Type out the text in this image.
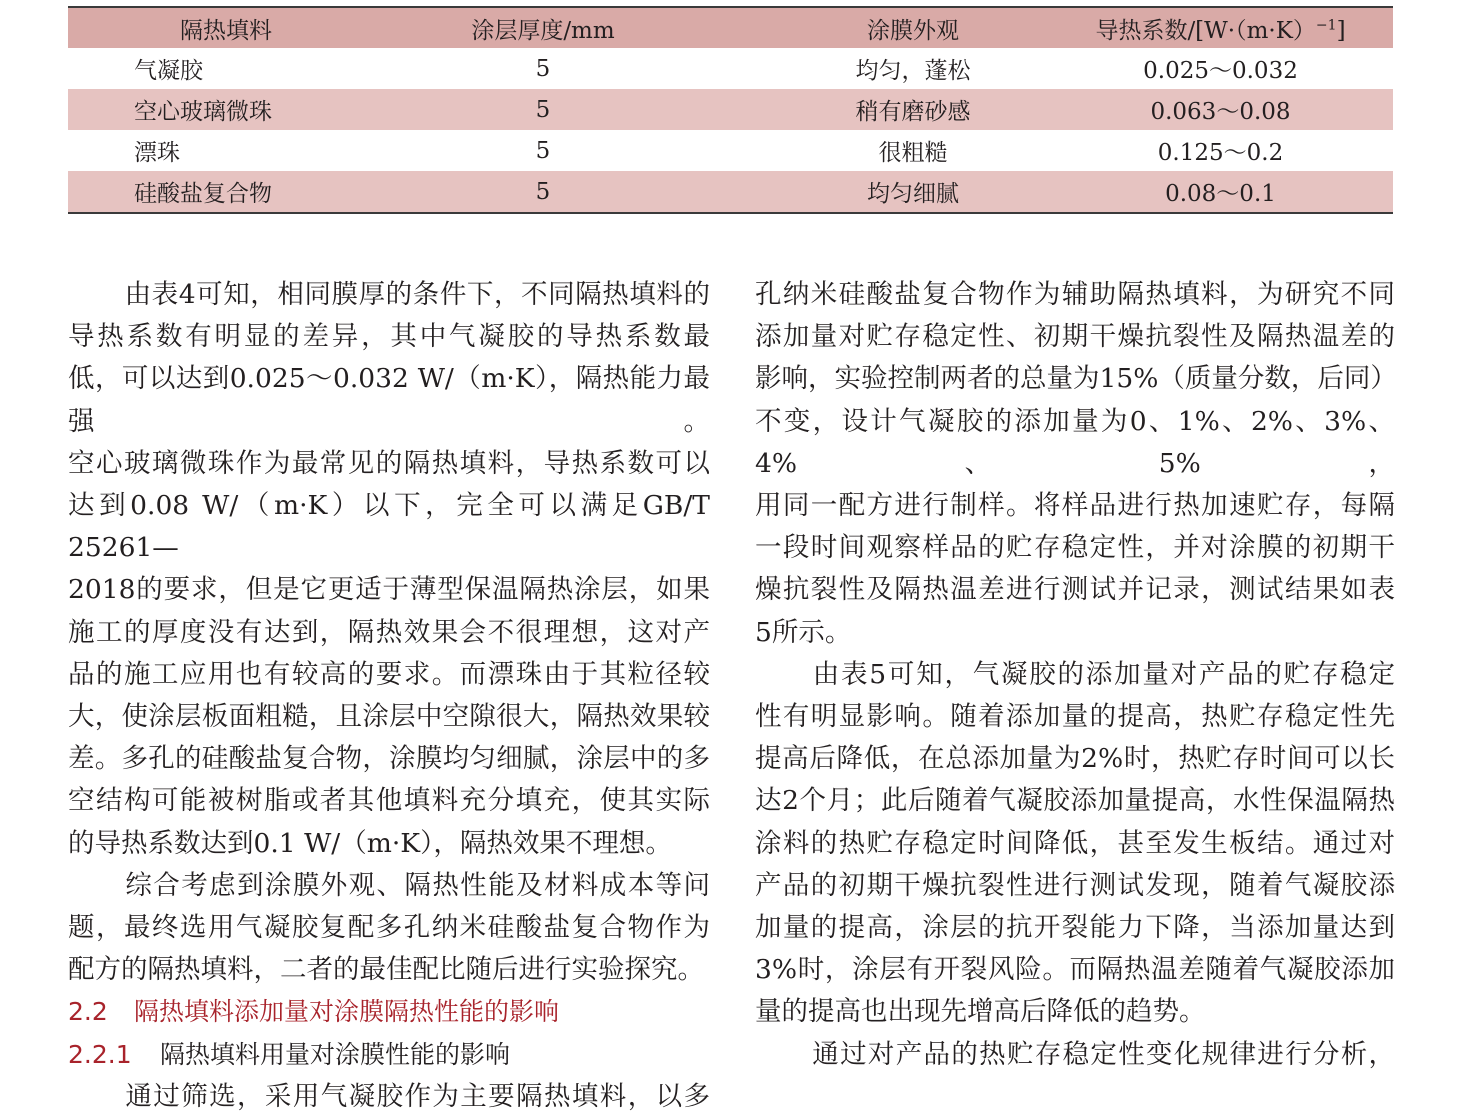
隔热填料	涂层厚度/mm	涂膜外观	导热系数$/[W\cdot(m\cdot K)^{-1}]$
气凝胶	5	均匀，蓬松	0.025～0.032
空心玻璃微珠	5	稍有磨砂感	0.063～0.08
漂珠	5	很粗糙	0.125～0.2
硅酸盐复合物	5	均匀细腻	0.08～0.1

由表4可知，相同膜厚的条件下，不同隔热填料的

导热系数有明显的差异，其中气凝胶的导热系数最

低，可以达到0.025～0.032 W/（m·K），隔热能力最强。

空心玻璃微珠作为最常见的隔热填料，导热系数可以

达到0.08 W/（m·K）以下，完全可以满足GB/T 25261—

2018的要求，但是它更适于薄型保温隔热涂层，如果

施工的厚度没有达到，隔热效果会不很理想，这对产

品的施工应用也有较高的要求。而漂珠由于其粒径较

大，使涂层板面粗糙，且涂层中空隙很大，隔热效果较

差。多孔的硅酸盐复合物，涂膜均匀细腻，涂层中的多

空结构可能被树脂或者其他填料充分填充，使其实际

的导热系数达到0.1 W/（m·K），隔热效果不理想。

综合考虑到涂膜外观、隔热性能及材料成本等问

题，最终选用气凝胶复配多孔纳米硅酸盐复合物作为

配方的隔热填料，二者的最佳配比随后进行实验探究。

2.2 隔热填料添加量对涂膜隔热性能的影响
2.2.1 隔热填料用量对涂膜性能的影响

通过筛选，采用气凝胶作为主要隔热填料，以多

孔纳米硅酸盐复合物作为辅助隔热填料，为研究不同

添加量对贮存稳定性、初期干燥抗裂性及隔热温差的

影响，实验控制两者的总量为15%（质量分数，后同）

不变，设计气凝胶的添加量为0、1%、2%、3%、4%、5%，

用同一配方进行制样。将样品进行热加速贮存，每隔

一段时间观察样品的贮存稳定性，并对涂膜的初期干

燥抗裂性及隔热温差进行测试并记录，测试结果如表

5所示。

由表5可知，气凝胶的添加量对产品的贮存稳定

性有明显影响。随着添加量的提高，热贮存稳定性先

提高后降低，在总添加量为2%时，热贮存时间可以长

达2个月；此后随着气凝胶添加量提高，水性保温隔热

涂料的热贮存稳定时间降低，甚至发生板结。通过对

产品的初期干燥抗裂性进行测试发现，随着气凝胶添

加量的提高，涂层的抗开裂能力下降，当添加量达到

3%时，涂层有开裂风险。而隔热温差随着气凝胶添加

量的提高也出现先增高后降低的趋势。

通过对产品的热贮存稳定性变化规律进行分析，
